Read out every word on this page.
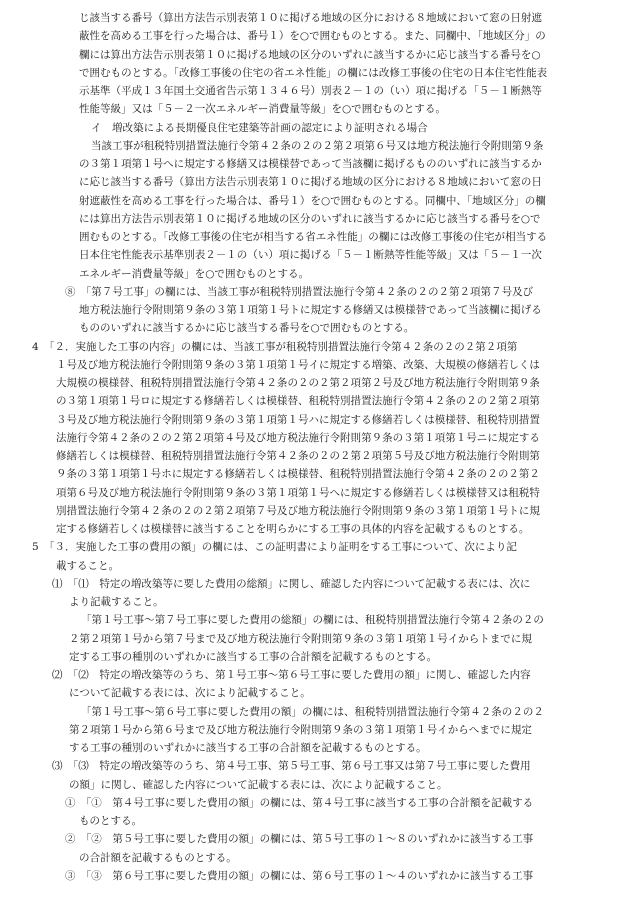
じ該当する番号（算出方法告示別表第１０に掲げる地域の区分における８地域において窓の日射遮
蔽性を高める工事を行った場合は、番号１）を○で囲むものとする。また、同欄中、「地域区分」の
欄には算出方法告示別表第１０に掲げる地域の区分のいずれに該当するかに応じ該当する番号を○
で囲むものとする。「改修工事後の住宅の省エネ性能」の欄には改修工事後の住宅の日本住宅性能表
示基準（平成１３年国土交通省告示第１３４６号）別表２－１の（い）項に掲げる「５－１断熱等
性能等級」又は「５－２一次エネルギー消費量等級」を○で囲むものとする。
イ　増改築による長期優良住宅建築等計画の認定により証明される場合
当該工事が租税特別措置法施行令第４２条の２の２第２項第６号又は地方税法施行令附則第９条
の３第１項第１号へに規定する修繕又は模様替であって当該欄に掲げるもののいずれに該当するか
に応じ該当する番号（算出方法告示別表第１０に掲げる地域の区分における８地域において窓の日
射遮蔽性を高める工事を行った場合は、番号１）を○で囲むものとする。同欄中、「地域区分」の欄
には算出方法告示別表第１０に掲げる地域の区分のいずれに該当するかに応じ該当する番号を○で
囲むものとする。「改修工事後の住宅が相当する省エネ性能」の欄には改修工事後の住宅が相当する
日本住宅性能表示基準別表２－１の（い）項に掲げる「５－１断熱等性能等級」又は「５－１一次
エネルギー消費量等級」を○で囲むものとする。
⑧　「第７号工事」の欄には、当該工事が租税特別措置法施行令第４２条の２の２第２項第７号及び
地方税法施行令附則第９条の３第１項第１号トに規定する修繕又は模様替であって当該欄に掲げる
もののいずれに該当するかに応じ該当する番号を○で囲むものとする。
4　「２．実施した工事の内容」の欄には、当該工事が租税特別措置法施行令第４２条の２の２第２項第
１号及び地方税法施行令附則第９条の３第１項第１号イに規定する増築、改築、大規模の修繕若しくは
大規模の模様替、租税特別措置法施行令第４２条の２の２第２項第２号及び地方税法施行令附則第９条
の３第１項第１号ロに規定する修繕若しくは模様替、租税特別措置法施行令第４２条の２の２第２項第
３号及び地方税法施行令附則第９条の３第１項第１号ハに規定する修繕若しくは模様替、租税特別措置
法施行令第４２条の２の２第２項第４号及び地方税法施行令附則第９条の３第１項第１号ニに規定する
修繕若しくは模様替、租税特別措置法施行令第４２条の２の２第２項第５号及び地方税法施行令附則第
９条の３第１項第１号ホに規定する修繕若しくは模様替、租税特別措置法施行令第４２条の２の２第２
項第６号及び地方税法施行令附則第９条の３第１項第１号へに規定する修繕若しくは模様替又は租税特
別措置法施行令第４２条の２の２第２項第７号及び地方税法施行令附則第９条の３第１項第１号トに規
定する修繕若しくは模様替に該当することを明らかにする工事の具体的内容を記載するものとする。
5　「３．実施した工事の費用の額」の欄には、この証明書により証明をする工事について、次により記
載すること。
⑴　「⑴　特定の増改築等に要した費用の総額」に関し、確認した内容について記載する表には、次に
より記載すること。
「第１号工事～第７号工事に要した費用の総額」の欄には、租税特別措置法施行令第４２条の２の
２第２項第１号から第７号まで及び地方税法施行令附則第９条の３第１項第１号イからトまでに規
定する工事の種別のいずれかに該当する工事の合計額を記載するものとする。
⑵　「⑵　特定の増改築等のうち、第１号工事～第６号工事に要した費用の額」に関し、確認した内容
について記載する表には、次により記載すること。
「第１号工事～第６号工事に要した費用の額」の欄には、租税特別措置法施行令第４２条の２の２
第２項第１号から第６号まで及び地方税法施行令附則第９条の３第１項第１号イからへまでに規定
する工事の種別のいずれかに該当する工事の合計額を記載するものとする。
⑶　「⑶　特定の増改築等のうち、第４号工事、第５号工事、第６号工事又は第７号工事に要した費用
の額」に関し、確認した内容について記載する表には、次により記載すること。
①　「①　第４号工事に要した費用の額」の欄には、第４号工事に該当する工事の合計額を記載する
ものとする。
②　「②　第５号工事に要した費用の額」の欄には、第５号工事の１～８のいずれかに該当する工事
の合計額を記載するものとする。
③　「③　第６号工事に要した費用の額」の欄には、第６号工事の１～４のいずれかに該当する工事
